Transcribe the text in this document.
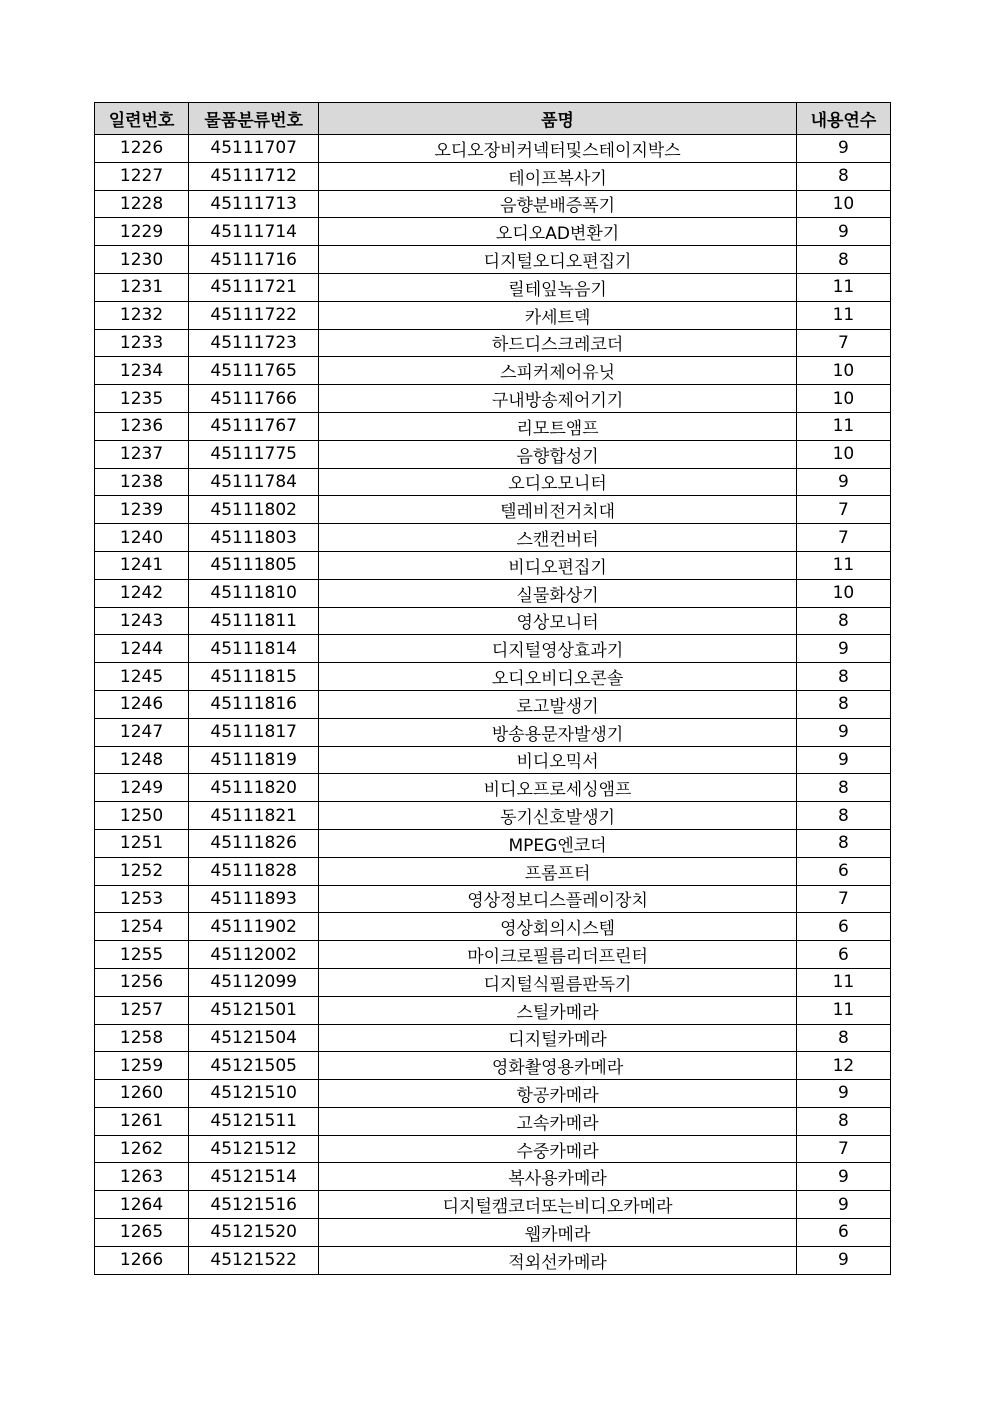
일련번호	물품분류번호	품명	내용연수
1226	45111707	오디오장비커넥터및스테이지박스	9
1227	45111712	테이프복사기	8
1228	45111713	음향분배증폭기	10
1229	45111714	오디오AD변환기	9
1230	45111716	디지털오디오편집기	8
1231	45111721	릴테잎녹음기	11
1232	45111722	카세트덱	11
1233	45111723	하드디스크레코더	7
1234	45111765	스피커제어유닛	10
1235	45111766	구내방송제어기기	10
1236	45111767	리모트앰프	11
1237	45111775	음향합성기	10
1238	45111784	오디오모니터	9
1239	45111802	텔레비전거치대	7
1240	45111803	스캔컨버터	7
1241	45111805	비디오편집기	11
1242	45111810	실물화상기	10
1243	45111811	영상모니터	8
1244	45111814	디지털영상효과기	9
1245	45111815	오디오비디오콘솔	8
1246	45111816	로고발생기	8
1247	45111817	방송용문자발생기	9
1248	45111819	비디오믹서	9
1249	45111820	비디오프로세싱앰프	8
1250	45111821	동기신호발생기	8
1251	45111826	MPEG엔코더	8
1252	45111828	프롬프터	6
1253	45111893	영상정보디스플레이장치	7
1254	45111902	영상회의시스템	6
1255	45112002	마이크로필름리더프린터	6
1256	45112099	디지털식필름판독기	11
1257	45121501	스틸카메라	11
1258	45121504	디지털카메라	8
1259	45121505	영화촬영용카메라	12
1260	45121510	항공카메라	9
1261	45121511	고속카메라	8
1262	45121512	수중카메라	7
1263	45121514	복사용카메라	9
1264	45121516	디지털캠코더또는비디오카메라	9
1265	45121520	웹카메라	6
1266	45121522	적외선카메라	9
